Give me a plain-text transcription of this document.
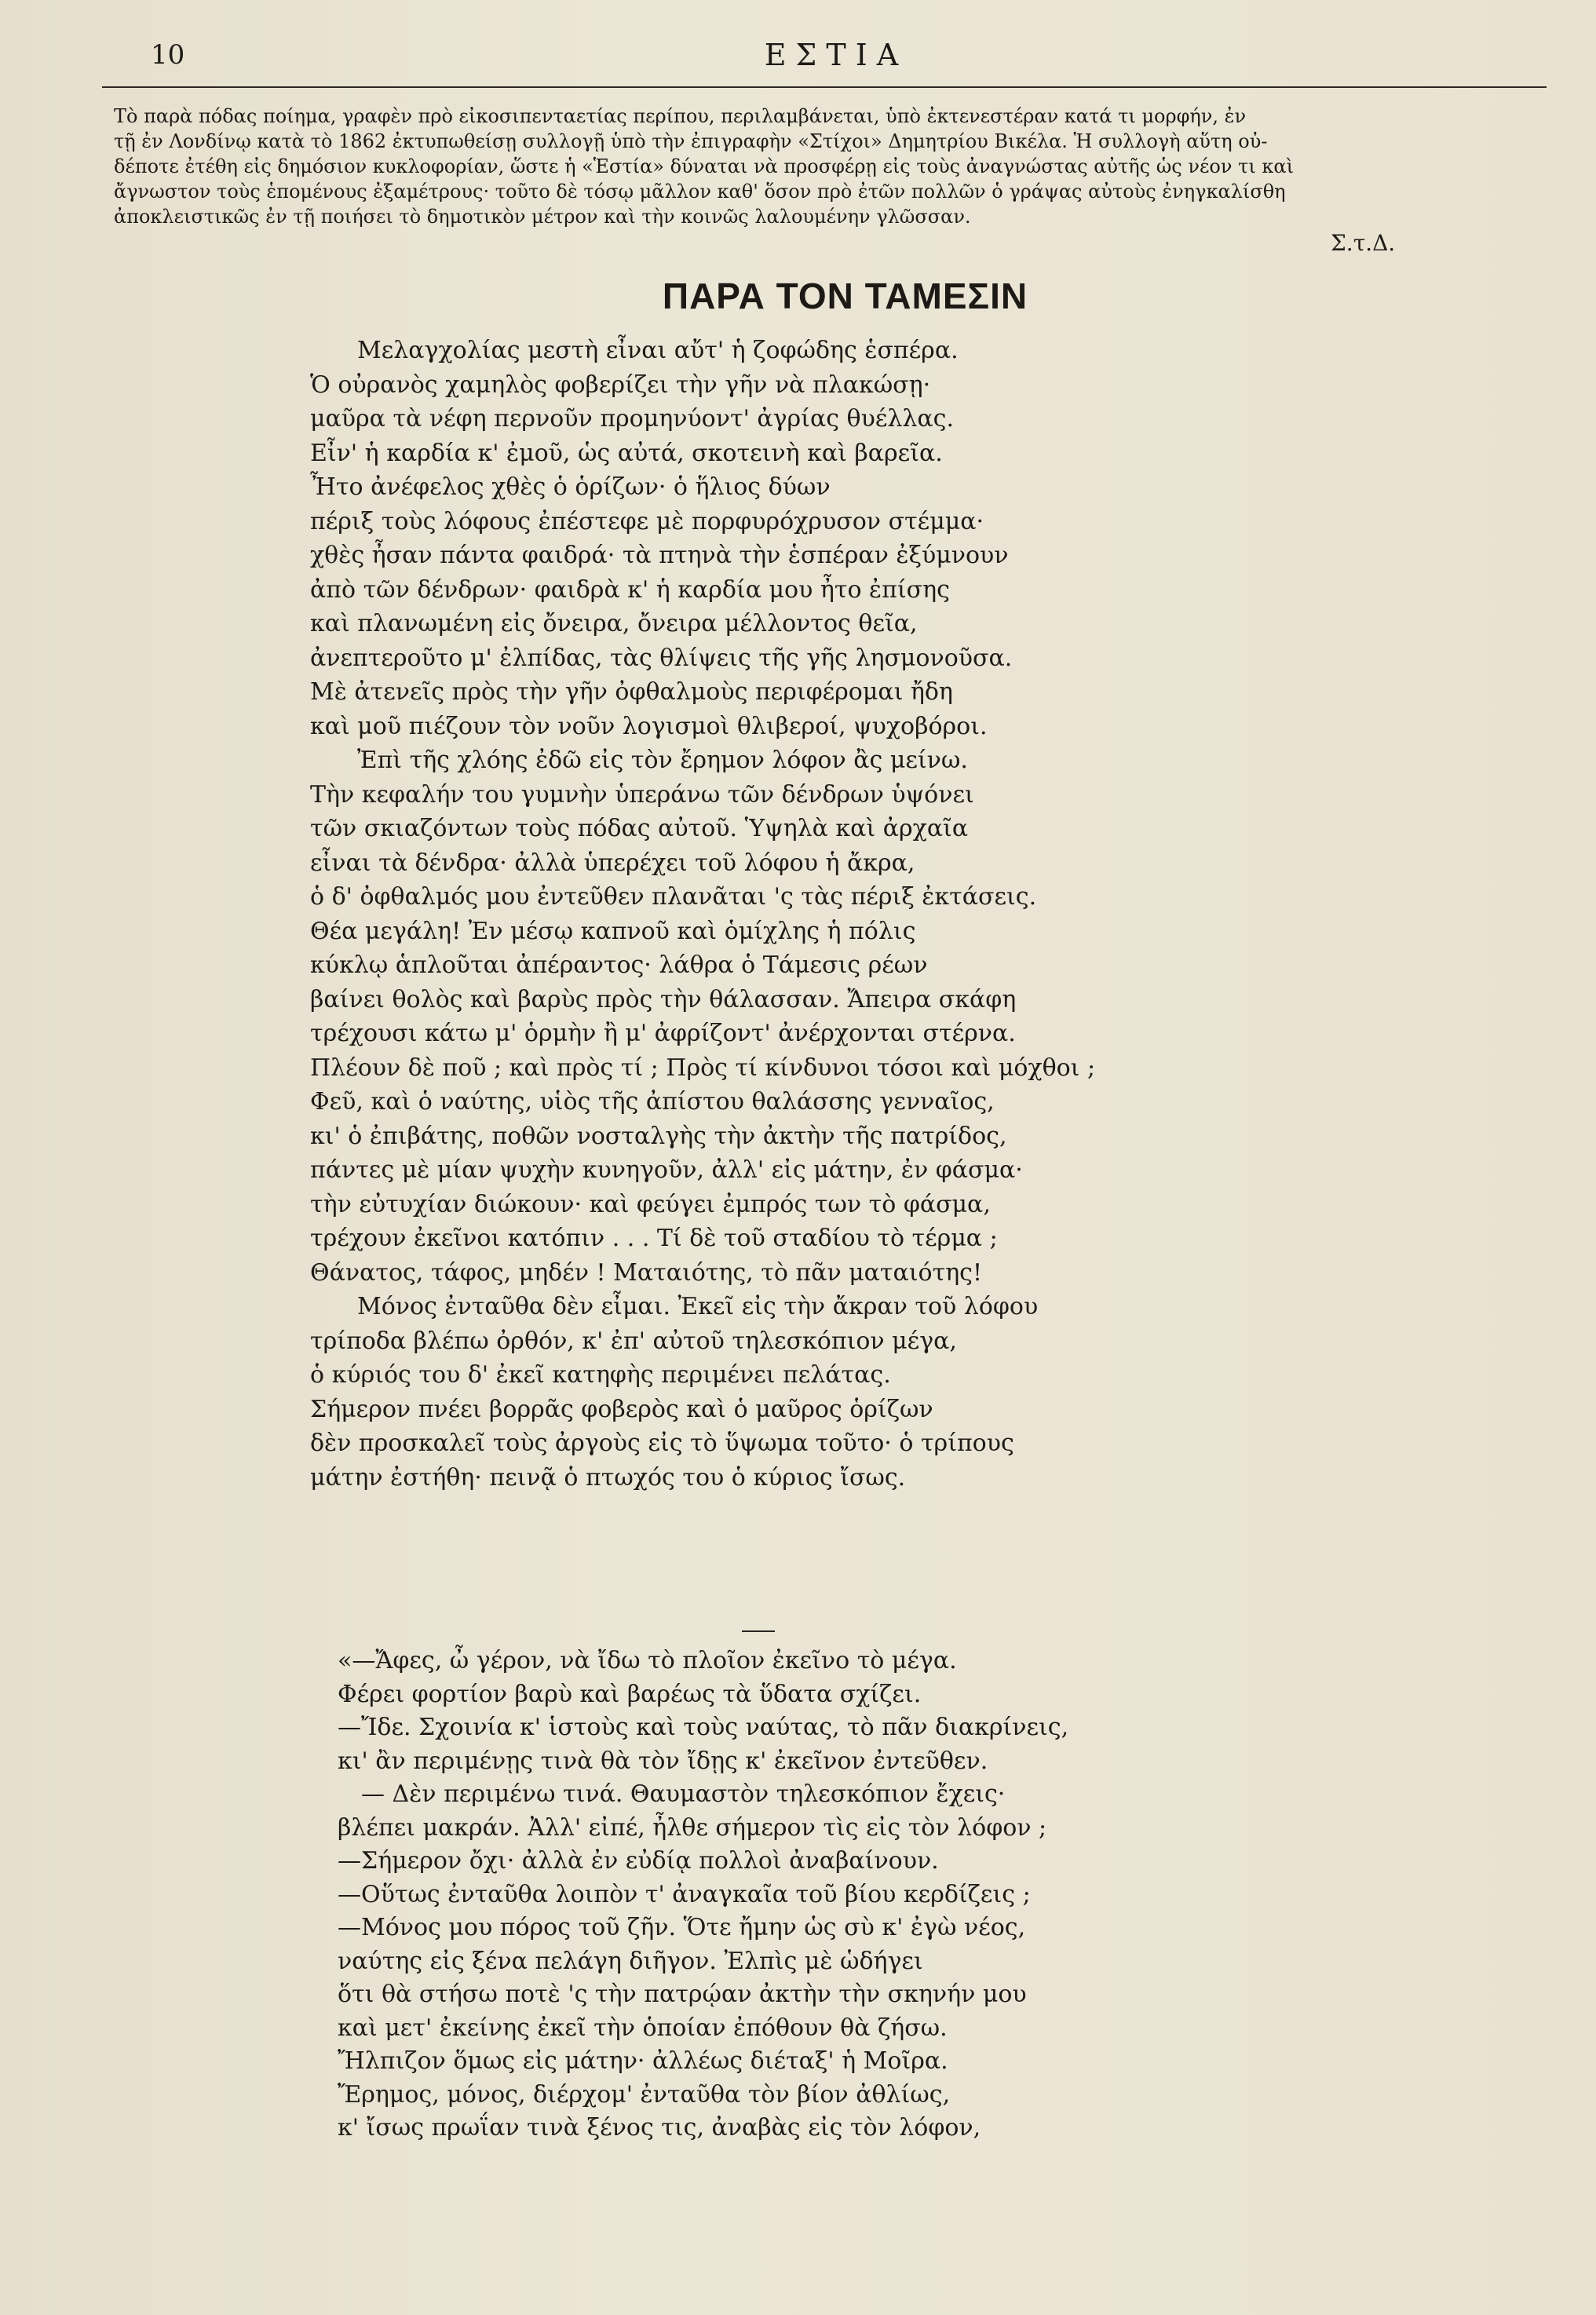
10	ΕΣΤΙΑ
Τὸ παρὰ πόδας ποίημα, γραφὲν πρὸ εἰκοσιπενταετίας περίπου, περιλαμβάνεται, ὑπὸ ἐκτενεστέραν κατά τι μορφήν, ἐν
τῇ ἐν Λονδίνῳ κατὰ τὸ 1862 ἐκτυπωθείσῃ συλλογῇ ὑπὸ τὴν ἐπιγραφὴν «Στίχοι» Δημητρίου Βικέλα. Ἡ συλλογὴ αὕτη οὐ-
δέποτε ἐτέθη εἰς δημόσιον κυκλοφορίαν, ὥστε ἡ «Ἑστία» δύναται νὰ προσφέρῃ εἰς τοὺς ἀναγνώστας αὐτῆς ὡς νέον τι καὶ
ἄγνωστον τοὺς ἑπομένους ἐξαμέτρους· τοῦτο δὲ τόσῳ μᾶλλον καθ' ὅσον πρὸ ἐτῶν πολλῶν ὁ γράψας αὐτοὺς ἐνηγκαλίσθη
ἀποκλειστικῶς ἐν τῇ ποιήσει τὸ δημοτικὸν μέτρον καὶ τὴν κοινῶς λαλουμένην γλῶσσαν.
Σ.τ.Δ.
ΠΑΡΑ ΤΟΝ ΤΑΜΕΣΙΝ
Μελαγχολίας μεστὴ εἶναι αὔτ' ἡ ζοφώδης ἑσπέρα.
Ὁ οὐρανὸς χαμηλὸς φοβερίζει τὴν γῆν νὰ πλακώσῃ·
μαῦρα τὰ νέφη περνοῦν προμηνύοντ' ἀγρίας θυέλλας.
Εἶν' ἡ καρδία κ' ἐμοῦ, ὡς αὐτά, σκοτεινὴ καὶ βαρεῖα.
Ἦτο ἀνέφελος χθὲς ὁ ὁρίζων· ὁ ἥλιος δύων
πέριξ τοὺς λόφους ἐπέστεφε μὲ πορφυρόχρυσον στέμμα·
χθὲς ἦσαν πάντα φαιδρά· τὰ πτηνὰ τὴν ἑσπέραν ἐξύμνουν
ἀπὸ τῶν δένδρων· φαιδρὰ κ' ἡ καρδία μου ἦτο ἐπίσης
καὶ πλανωμένη εἰς ὄνειρα, ὄνειρα μέλλοντος θεῖα,
ἀνεπτεροῦτο μ' ἐλπίδας, τὰς θλίψεις τῆς γῆς λησμονοῦσα.
Μὲ ἀτενεῖς πρὸς τὴν γῆν ὀφθαλμοὺς περιφέρομαι ἤδη
καὶ μοῦ πιέζουν τὸν νοῦν λογισμοὶ θλιβεροί, ψυχοβόροι.
Ἐπὶ τῆς χλόης ἐδῶ εἰς τὸν ἔρημον λόφον ἂς μείνω.
Τὴν κεφαλήν του γυμνὴν ὑπεράνω τῶν δένδρων ὑψόνει
τῶν σκιαζόντων τοὺς πόδας αὐτοῦ. Ὑψηλὰ καὶ ἀρχαῖα
εἶναι τὰ δένδρα· ἀλλὰ ὑπερέχει τοῦ λόφου ἡ ἄκρα,
ὁ δ' ὀφθαλμός μου ἐντεῦθεν πλανᾶται 'ς τὰς πέριξ ἐκτάσεις.
Θέα μεγάλη! Ἐν μέσῳ καπνοῦ καὶ ὁμίχλης ἡ πόλις
κύκλῳ ἁπλοῦται ἀπέραντος· λάθρα ὁ Τάμεσις ρέων
βαίνει θολὸς καὶ βαρὺς πρὸς τὴν θάλασσαν. Ἄπειρα σκάφη
τρέχουσι κάτω μ' ὁρμὴν ἢ μ' ἀφρίζοντ' ἀνέρχονται στέρνα.
Πλέουν δὲ ποῦ ; καὶ πρὸς τί ; Πρὸς τί κίνδυνοι τόσοι καὶ μόχθοι ;
Φεῦ, καὶ ὁ ναύτης, υἱὸς τῆς ἀπίστου θαλάσσης γενναῖος,
κι' ὁ ἐπιβάτης, ποθῶν νοσταλγὴς τὴν ἀκτὴν τῆς πατρίδος,
πάντες μὲ μίαν ψυχὴν κυνηγοῦν, ἀλλ' εἰς μάτην, ἐν φάσμα·
τὴν εὐτυχίαν διώκουν· καὶ φεύγει ἐμπρός των τὸ φάσμα,
τρέχουν ἐκεῖνοι κατόπιν . . . Τί δὲ τοῦ σταδίου τὸ τέρμα ;
Θάνατος, τάφος, μηδέν ! Ματαιότης, τὸ πᾶν ματαιότης!
Μόνος ἐνταῦθα δὲν εἶμαι. Ἐκεῖ εἰς τὴν ἄκραν τοῦ λόφου
τρίποδα βλέπω ὀρθόν, κ' ἐπ' αὐτοῦ τηλεσκόπιον μέγα,
ὁ κύριός του δ' ἐκεῖ κατηφὴς περιμένει πελάτας.
Σήμερον πνέει βορρᾶς φοβερὸς καὶ ὁ μαῦρος ὁρίζων
δὲν προσκαλεῖ τοὺς ἀργοὺς εἰς τὸ ὕψωμα τοῦτο· ὁ τρίπους
μάτην ἐστήθη· πεινᾷ ὁ πτωχός του ὁ κύριος ἴσως.
«—Ἄφες, ὦ γέρον, νὰ ἴδω τὸ πλοῖον ἐκεῖνο τὸ μέγα.
Φέρει φορτίον βαρὺ καὶ βαρέως τὰ ὕδατα σχίζει.
—Ἴδε. Σχοινία κ' ἱστοὺς καὶ τοὺς ναύτας, τὸ πᾶν διακρίνεις,
κι' ἂν περιμένῃς τινὰ θὰ τὸν ἴδῃς κ' ἐκεῖνον ἐντεῦθεν.
— Δὲν περιμένω τινά. Θαυμαστὸν τηλεσκόπιον ἔχεις·
βλέπει μακράν. Ἀλλ' εἰπέ, ἦλθε σήμερον τὶς εἰς τὸν λόφον ;
—Σήμερον ὄχι· ἀλλὰ ἐν εὐδίᾳ πολλοὶ ἀναβαίνουν.
—Οὕτως ἐνταῦθα λοιπὸν τ' ἀναγκαῖα τοῦ βίου κερδίζεις ;
—Μόνος μου πόρος τοῦ ζῆν. Ὅτε ἤμην ὡς σὺ κ' ἐγὼ νέος,
ναύτης εἰς ξένα πελάγη διῆγον. Ἐλπὶς μὲ ὡδήγει
ὅτι θὰ στήσω ποτὲ 'ς τὴν πατρῴαν ἀκτὴν τὴν σκηνήν μου
καὶ μετ' ἐκείνης ἐκεῖ τὴν ὁποίαν ἐπόθουν θὰ ζήσω.
Ἤλπιζον ὅμως εἰς μάτην· ἀλλέως διέταξ' ἡ Μοῖρα.
Ἔρημος, μόνος, διέρχομ' ἐνταῦθα τὸν βίον ἀθλίως,
κ' ἴσως πρωΐαν τινὰ ξένος τις, ἀναβὰς εἰς τὸν λόφον,
